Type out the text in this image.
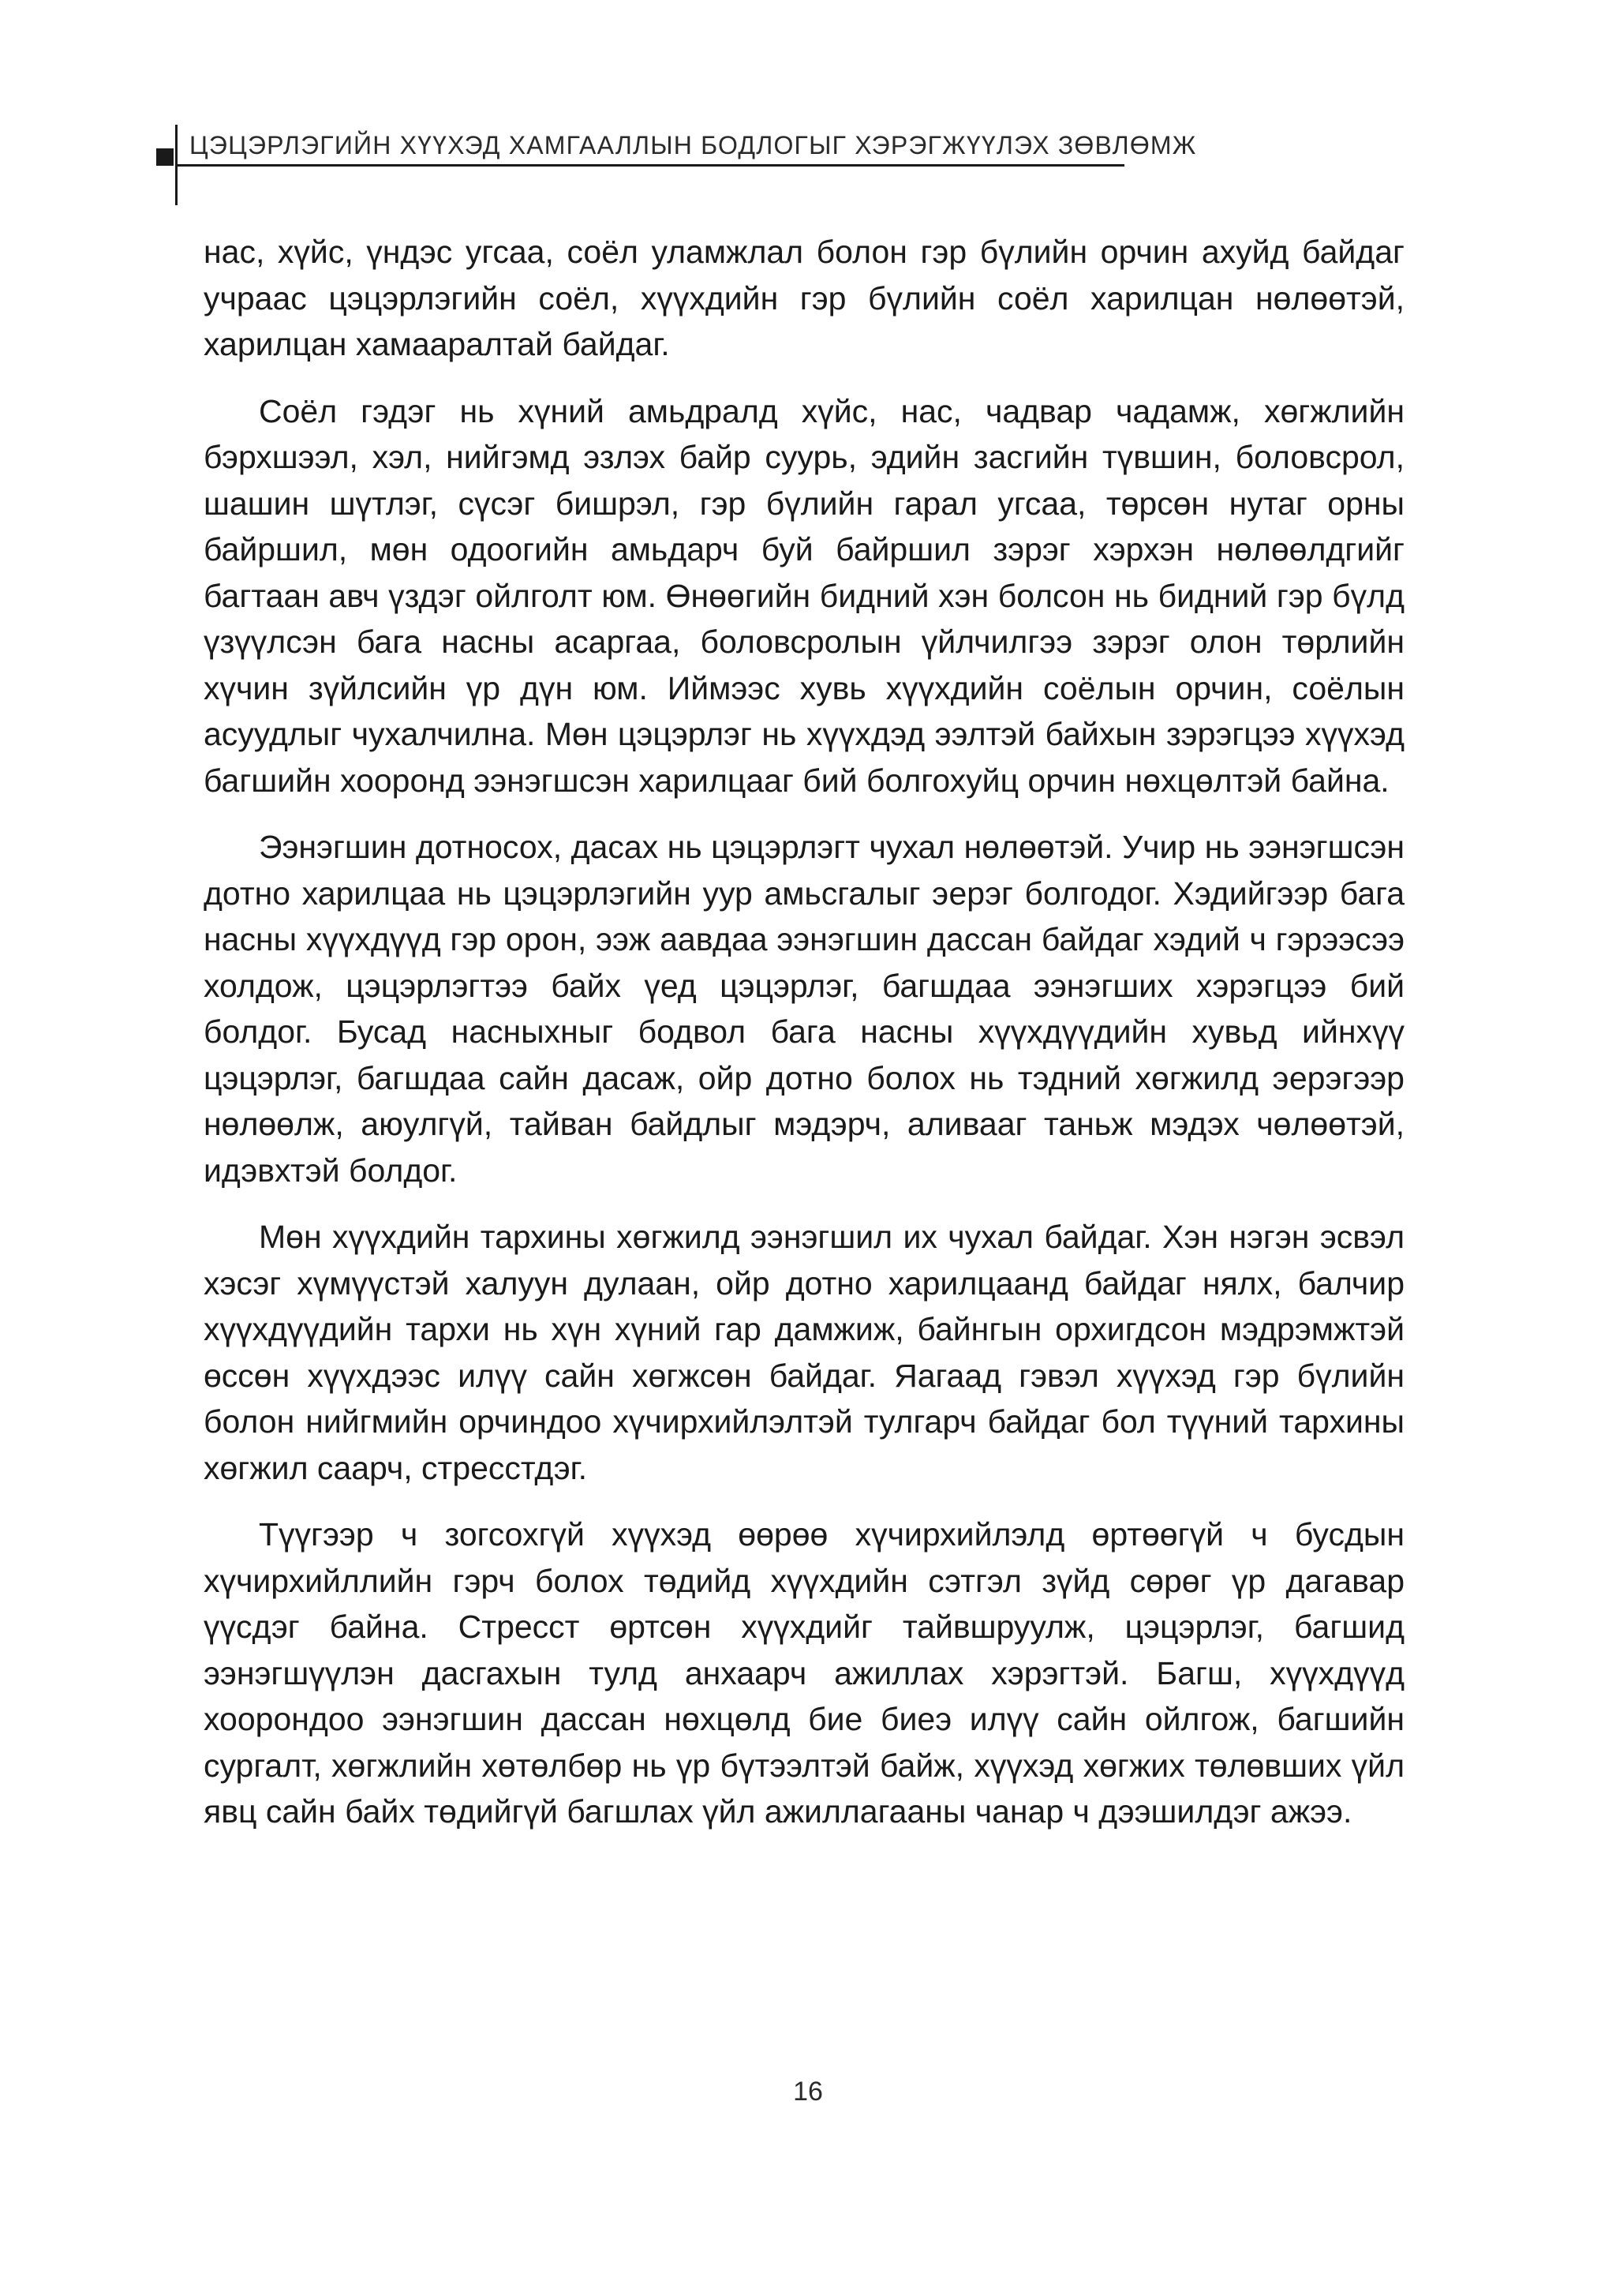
ЦЭЦЭРЛЭГИЙН ХҮҮХЭД ХАМГААЛЛЫН БОДЛОГЫГ ХЭРЭГЖҮҮЛЭХ ЗӨВЛӨМЖ

нас, хүйс, үндэс угсаа, соёл уламжлал болон гэр бүлийн орчин ахуйд байдаг учраас цэцэрлэгийн соёл, хүүхдийн гэр бүлийн соёл харилцан нөлөөтэй, харилцан хамааралтай байдаг.

Соёл гэдэг нь хүний амьдралд хүйс, нас, чадвар чадамж, хөгжлийн бэрхшээл, хэл, нийгэмд эзлэх байр суурь, эдийн засгийн түвшин, боловсрол, шашин шүтлэг, сүсэг бишрэл, гэр бүлийн гарал угсаа, төрсөн нутаг орны байршил, мөн одоогийн амьдарч буй байршил зэрэг хэрхэн нөлөөлдгийг багтаан авч үздэг ойлголт юм. Өнөөгийн бидний хэн болсон нь бидний гэр бүлд үзүүлсэн бага насны асаргаа, боловсролын үйлчилгээ зэрэг олон төрлийн хүчин зүйлсийн үр дүн юм. Иймээс хувь хүүхдийн соёлын орчин, соёлын асуудлыг чухалчилна. Мөн цэцэрлэг нь хүүхдэд ээлтэй байхын зэрэгцээ хүүхэд багшийн хооронд ээнэгшсэн харилцааг бий болгохуйц орчин нөхцөлтэй байна.

Ээнэгшин дотносох, дасах нь цэцэрлэгт чухал нөлөөтэй. Учир нь ээнэгшсэн дотно харилцаа нь цэцэрлэгийн уур амьсгалыг эерэг болгодог. Хэдийгээр бага насны хүүхдүүд гэр орон, ээж аавдаа ээнэгшин дассан байдаг хэдий ч гэрээсээ холдож, цэцэрлэгтээ байх үед цэцэрлэг, багшдаа ээнэгших хэрэгцээ бий болдог. Бусад насныхныг бодвол бага насны хүүхдүүдийн хувьд ийнхүү цэцэрлэг, багшдаа сайн дасаж, ойр дотно болох нь тэдний хөгжилд эерэгээр нөлөөлж, аюулгүй, тайван байдлыг мэдэрч, аливааг таньж мэдэх чөлөөтэй, идэвхтэй болдог.

Мөн хүүхдийн тархины хөгжилд ээнэгшил их чухал байдаг. Хэн нэгэн эсвэл хэсэг хүмүүстэй халуун дулаан, ойр дотно харилцаанд байдаг нялх, балчир хүүхдүүдийн тархи нь хүн хүний гар дамжиж, байнгын орхигдсон мэдрэмжтэй өссөн хүүхдээс илүү сайн хөгжсөн байдаг. Яагаад гэвэл хүүхэд гэр бүлийн болон нийгмийн орчиндоо хүчирхийлэлтэй тулгарч байдаг бол түүний тархины хөгжил саарч, стресстдэг.

Түүгээр ч зогсохгүй хүүхэд өөрөө хүчирхийлэлд өртөөгүй ч бусдын хүчирхийллийн гэрч болох төдийд хүүхдийн сэтгэл зүйд сөрөг үр дагавар үүсдэг байна. Стресст өртсөн хүүхдийг тайвшруулж, цэцэрлэг, багшид ээнэгшүүлэн дасгахын тулд анхаарч ажиллах хэрэгтэй. Багш, хүүхдүүд хоорондоо ээнэгшин дассан нөхцөлд бие биеэ илүү сайн ойлгож, багшийн сургалт, хөгжлийн хөтөлбөр нь үр бүтээлтэй байж, хүүхэд хөгжих төлөвших үйл явц сайн байх төдийгүй багшлах үйл ажиллагааны чанар ч дээшилдэг ажээ.

16
